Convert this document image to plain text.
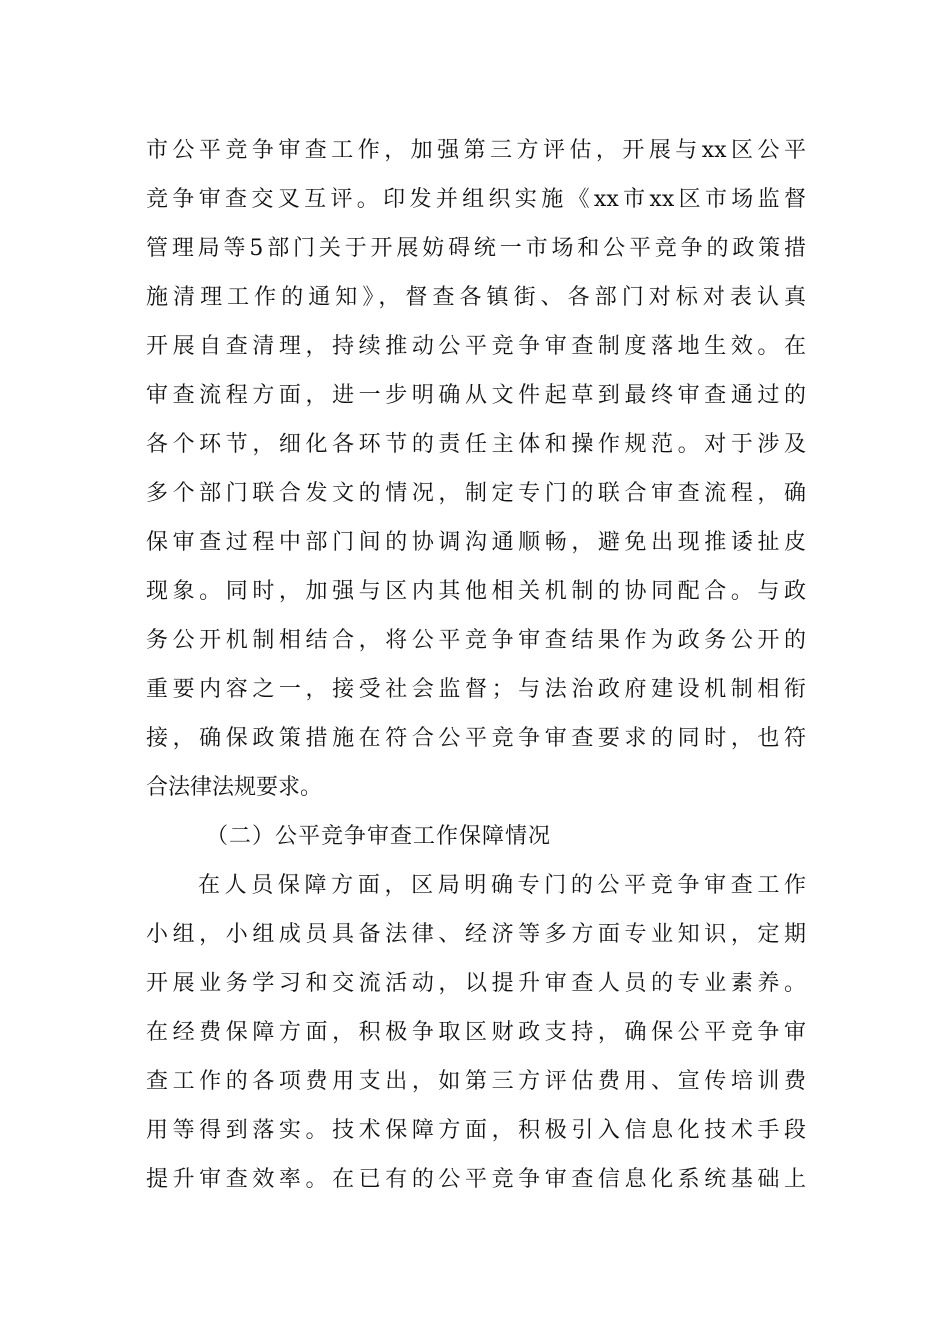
市公平竞争审查工作，加强第三方评估，开展与xx区公平
竞争审查交叉互评。印发并组织实施《xx市xx区市场监督
管理局等5部门关于开展妨碍统一市场和公平竞争的政策措
施清理工作的通知》，督查各镇街、各部门对标对表认真
开展自查清理，持续推动公平竞争审查制度落地生效。在
审查流程方面，进一步明确从文件起草到最终审查通过的
各个环节，细化各环节的责任主体和操作规范。对于涉及
多个部门联合发文的情况，制定专门的联合审查流程，确
保审查过程中部门间的协调沟通顺畅，避免出现推诿扯皮
现象。同时，加强与区内其他相关机制的协同配合。与政
务公开机制相结合，将公平竞争审查结果作为政务公开的
重要内容之一，接受社会监督；与法治政府建设机制相衔
接，确保政策措施在符合公平竞争审查要求的同时，也符
合法律法规要求。
（二）公平竞争审查工作保障情况
在人员保障方面，区局明确专门的公平竞争审查工作
小组，小组成员具备法律、经济等多方面专业知识，定期
开展业务学习和交流活动，以提升审查人员的专业素养。
在经费保障方面，积极争取区财政支持，确保公平竞争审
查工作的各项费用支出，如第三方评估费用、宣传培训费
用等得到落实。技术保障方面，积极引入信息化技术手段
提升审查效率。在已有的公平竞争审查信息化系统基础上
